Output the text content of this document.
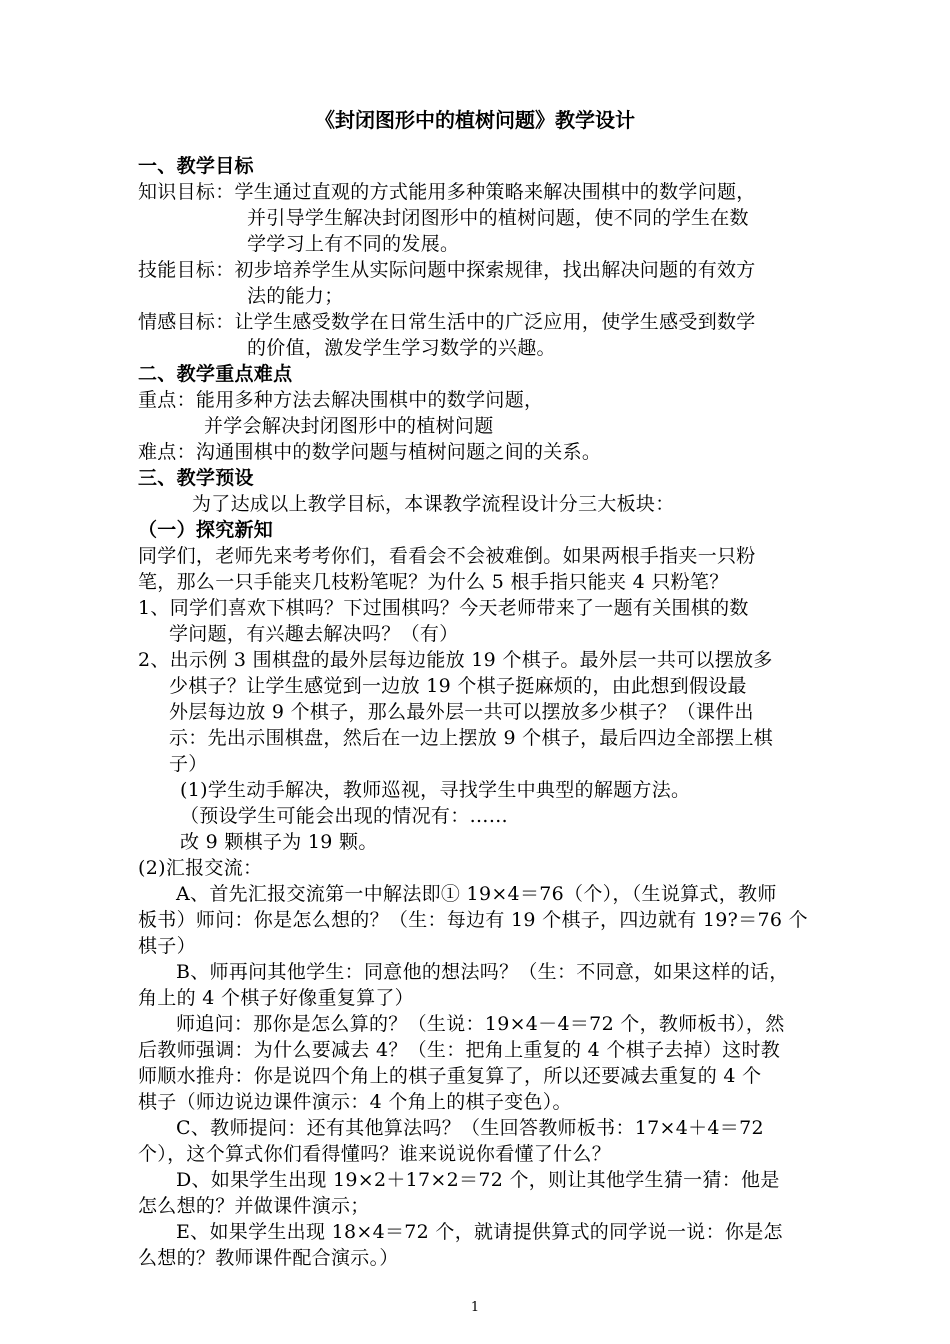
《封闭图形中的植树问题》教学设计
一、教学目标
知识目标：学生通过直观的方式能用多种策略来解决围棋中的数学问题，
并引导学生解决封闭图形中的植树问题，使不同的学生在数
学学习上有不同的发展。
技能目标：初步培养学生从实际问题中探索规律，找出解决问题的有效方
法的能力；
情感目标：让学生感受数学在日常生活中的广泛应用，使学生感受到数学
的价值，激发学生学习数学的兴趣。
二、教学重点难点
重点：能用多种方法去解决围棋中的数学问题，
并学会解决封闭图形中的植树问题
难点：沟通围棋中的数学问题与植树问题之间的关系。
三、教学预设
为了达成以上教学目标，本课教学流程设计分三大板块：
（一）探究新知
同学们，老师先来考考你们，看看会不会被难倒。如果两根手指夹一只粉
笔，那么一只手能夹几枝粉笔呢？为什么 5 根手指只能夹 4 只粉笔？
1、同学们喜欢下棋吗？下过围棋吗？今天老师带来了一题有关围棋的数
学问题，有兴趣去解决吗？（有）
2、出示例 3 围棋盘的最外层每边能放 19 个棋子。最外层一共可以摆放多
少棋子？让学生感觉到一边放 19 个棋子挺麻烦的，由此想到假设最
外层每边放 9 个棋子，那么最外层一共可以摆放多少棋子？（课件出
示：先出示围棋盘，然后在一边上摆放 9 个棋子，最后四边全部摆上棋
子）
(1)学生动手解决，教师巡视，寻找学生中典型的解题方法。
（预设学生可能会出现的情况有：……
改 9 颗棋子为 19 颗。
(2)汇报交流：
A、首先汇报交流第一中解法即① 19×4＝76（个），（生说算式，教师
板书）师问：你是怎么想的？（生：每边有 19 个棋子，四边就有 19?＝76 个
棋子）
B、师再问其他学生：同意他的想法吗？（生：不同意，如果这样的话，
角上的 4 个棋子好像重复算了）
师追问：那你是怎么算的？（生说：19×4－4＝72 个，教师板书），然
后教师强调：为什么要减去 4？（生：把角上重复的 4 个棋子去掉）这时教
师顺水推舟：你是说四个角上的棋子重复算了，所以还要减去重复的 4 个
棋子（师边说边课件演示：4 个角上的棋子变色）。
C、教师提问：还有其他算法吗？（生回答教师板书：17×4＋4＝72
个），这个算式你们看得懂吗？谁来说说你看懂了什么？
D、如果学生出现 19×2＋17×2＝72 个，则让其他学生猜一猜：他是
怎么想的？并做课件演示；
E、如果学生出现 18×4＝72 个，就请提供算式的同学说一说：你是怎
么想的？教师课件配合演示。）
1
